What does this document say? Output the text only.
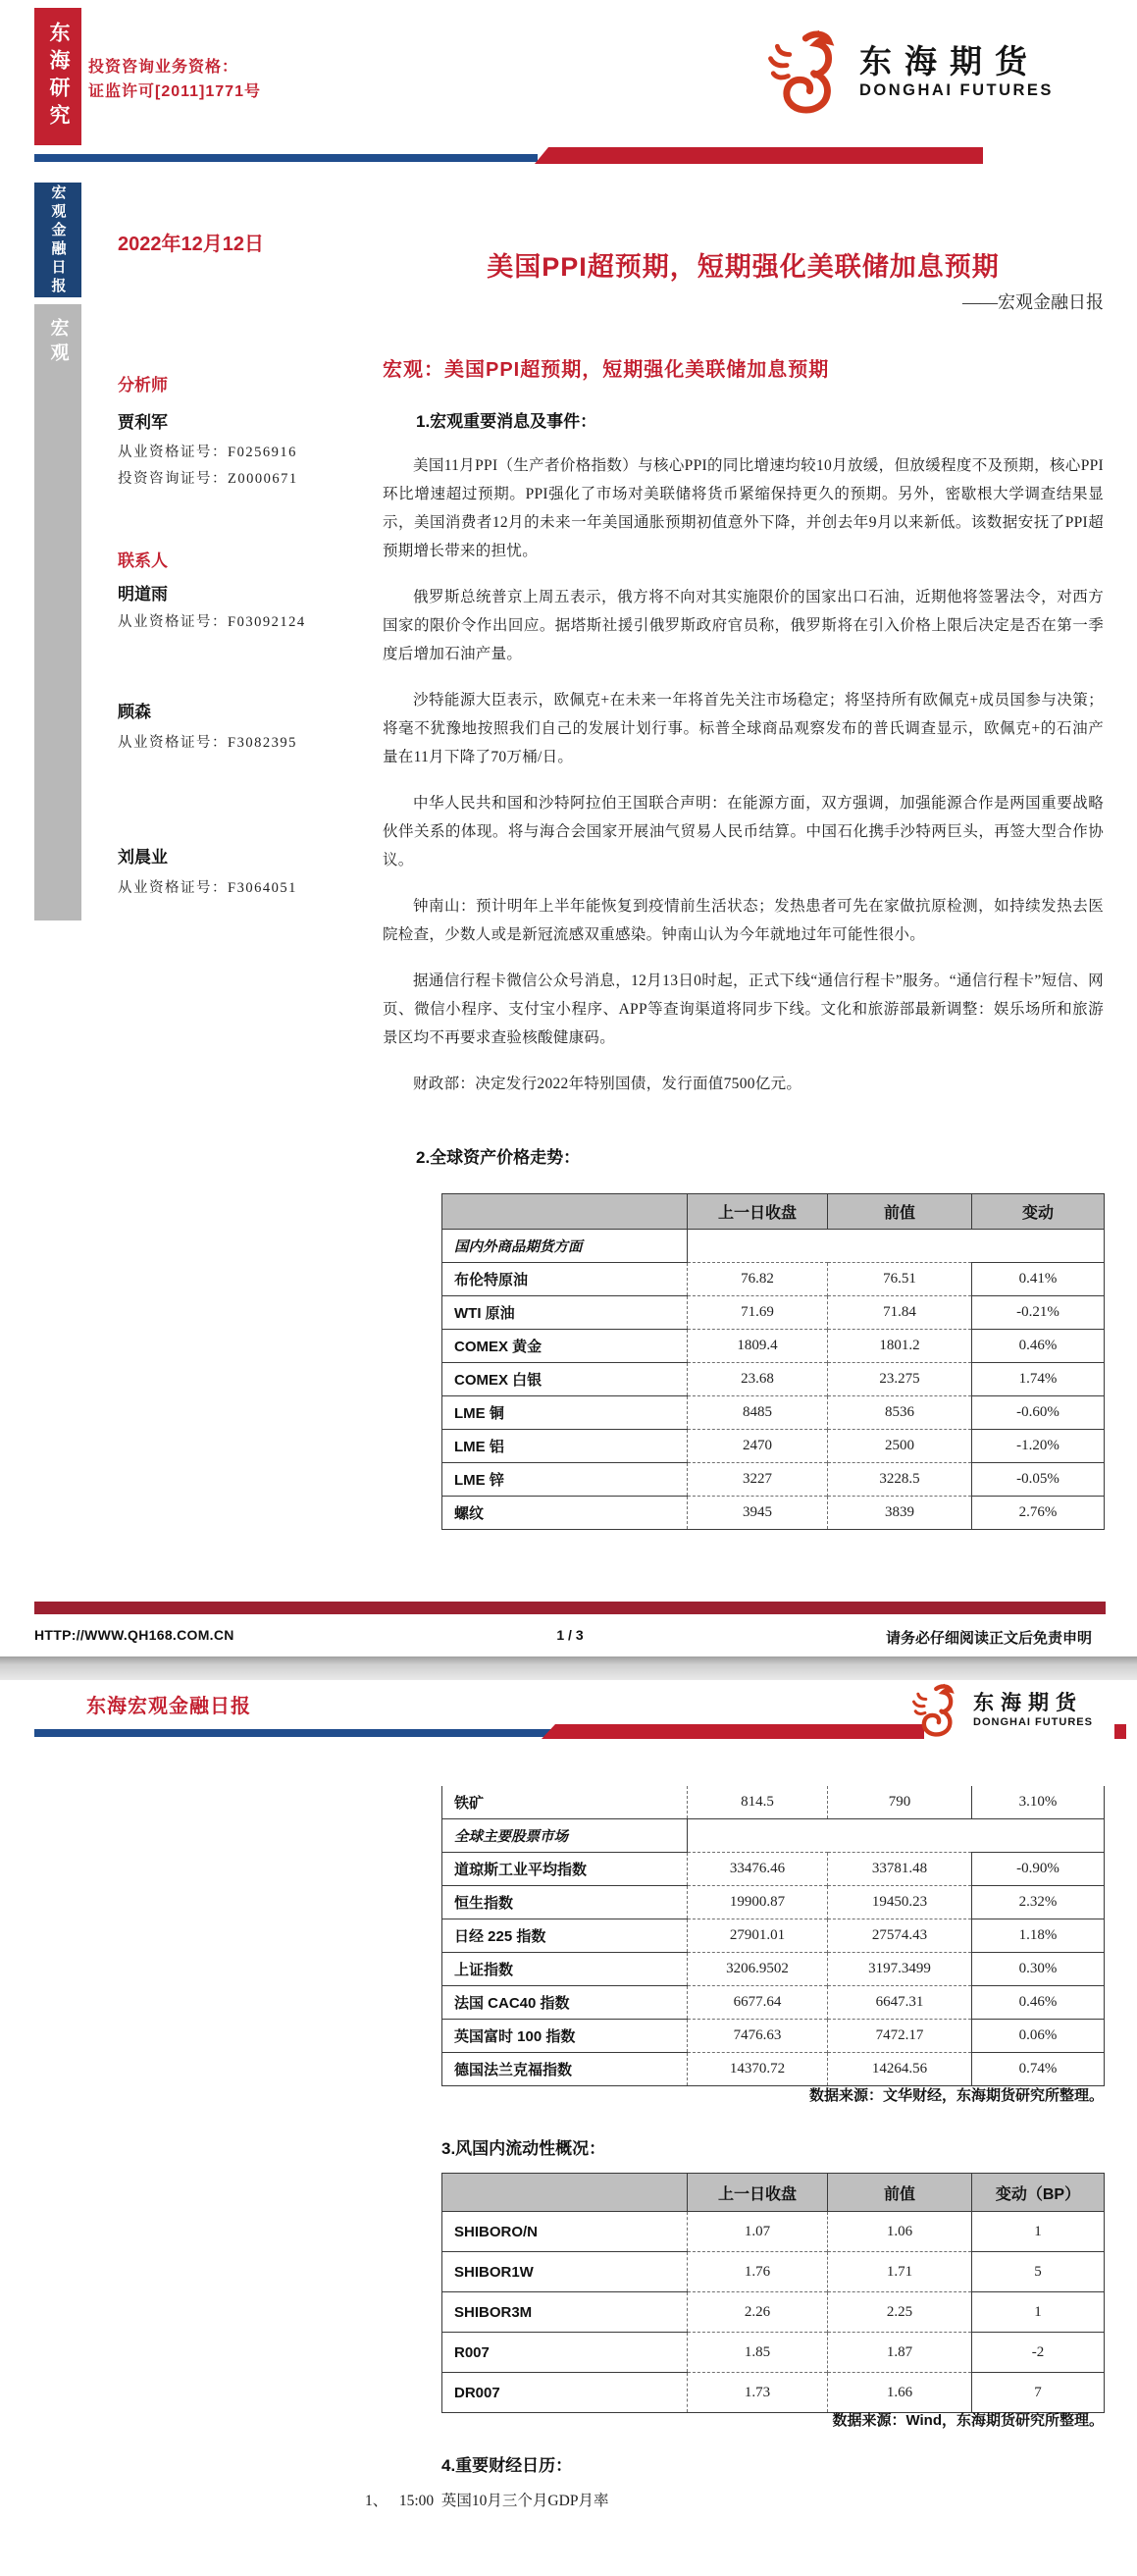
东海研究 投资咨询业务资格：
证监许可[2011]1771号
东海期货
DONGHAI FUTURES
宏观金融日报
宏观
2022年12月12日
美国PPI超预期，短期强化美联储加息预期
——宏观金融日报
分析师
贾利军
从业资格证号：F0256916
投资咨询证号：Z0000671
联系人
明道雨
从业资格证号：F03092124
顾森
从业资格证号：F3082395
刘晨业
从业资格证号：F3064051
宏观：美国PPI超预期，短期强化美联储加息预期
1.宏观重要消息及事件：

美国11月PPI（生产者价格指数）与核心PPI的同比增速均较10月放缓，但放缓程度不及预期，核心PPI环比增速超过预期。PPI强化了市场对美联储将货币紧缩保持更久的预期。另外，密歇根大学调查结果显示，美国消费者12月的未来一年美国通胀预期初值意外下降，并创去年9月以来新低。该数据安抚了PPI超预期增长带来的担忧。

俄罗斯总统普京上周五表示，俄方将不向对其实施限价的国家出口石油，近期他将签署法令，对西方国家的限价令作出回应。据塔斯社援引俄罗斯政府官员称，俄罗斯将在引入价格上限后决定是否在第一季度后增加石油产量。

沙特能源大臣表示，欧佩克+在未来一年将首先关注市场稳定；将坚持所有欧佩克+成员国参与决策；将毫不犹豫地按照我们自己的发展计划行事。标普全球商品观察发布的普氏调查显示，欧佩克+的石油产量在11月下降了70万桶/日。

中华人民共和国和沙特阿拉伯王国联合声明：在能源方面，双方强调，加强能源合作是两国重要战略伙伴关系的体现。将与海合会国家开展油气贸易人民币结算。中国石化携手沙特两巨头，再签大型合作协议。

钟南山：预计明年上半年能恢复到疫情前生活状态；发热患者可先在家做抗原检测，如持续发热去医院检查，少数人或是新冠流感双重感染。钟南山认为今年就地过年可能性很小。

据通信行程卡微信公众号消息，12月13日0时起，正式下线“通信行程卡”服务。“通信行程卡”短信、网页、微信小程序、支付宝小程序、APP等查询渠道将同步下线。文化和旅游部最新调整：娱乐场所和旅游景区均不再要求查验核酸健康码。

财政部：决定发行2022年特别国债，发行面值7500亿元。

2.全球资产价格走势：
	上一日收盘	前值	变动
国内外商品期货方面			
布伦特原油	76.82	76.51	0.41%
WTI 原油	71.69	71.84	-0.21%
COMEX 黄金	1809.4	1801.2	0.46%
COMEX 白银	23.68	23.275	1.74%
LME 铜	8485	8536	-0.60%
LME 铝	2470	2500	-1.20%
LME 锌	3227	3228.5	-0.05%
螺纹	3945	3839	2.76%
HTTP://WWW.QH168.COM.CN	1 / 3	请务必仔细阅读正文后免责申明
东海宏观金融日报	东海期货
DONGHAI FUTURES
铁矿	814.5	790	3.10%
全球主要股票市场			
道琼斯工业平均指数	33476.46	33781.48	-0.90%
恒生指数	19900.87	19450.23	2.32%
日经 225 指数	27901.01	27574.43	1.18%
上证指数	3206.9502	3197.3499	0.30%
法国 CAC40 指数	6677.64	6647.31	0.46%
英国富时 100 指数	7476.63	7472.17	0.06%
德国法兰克福指数	14370.72	14264.56	0.74%
数据来源：文华财经，东海期货研究所整理。
3.风国内流动性概况：
	上一日收盘	前值	变动（BP）
SHIBORO/N	1.07	1.06	1
SHIBOR1W	1.76	1.71	5
SHIBOR3M	2.26	2.25	1
R007	1.85	1.87	-2
DR007	1.73	1.66	7
数据来源：Wind，东海期货研究所整理。
4.重要财经日历：
1、   15:00  英国10月三个月GDP月率
